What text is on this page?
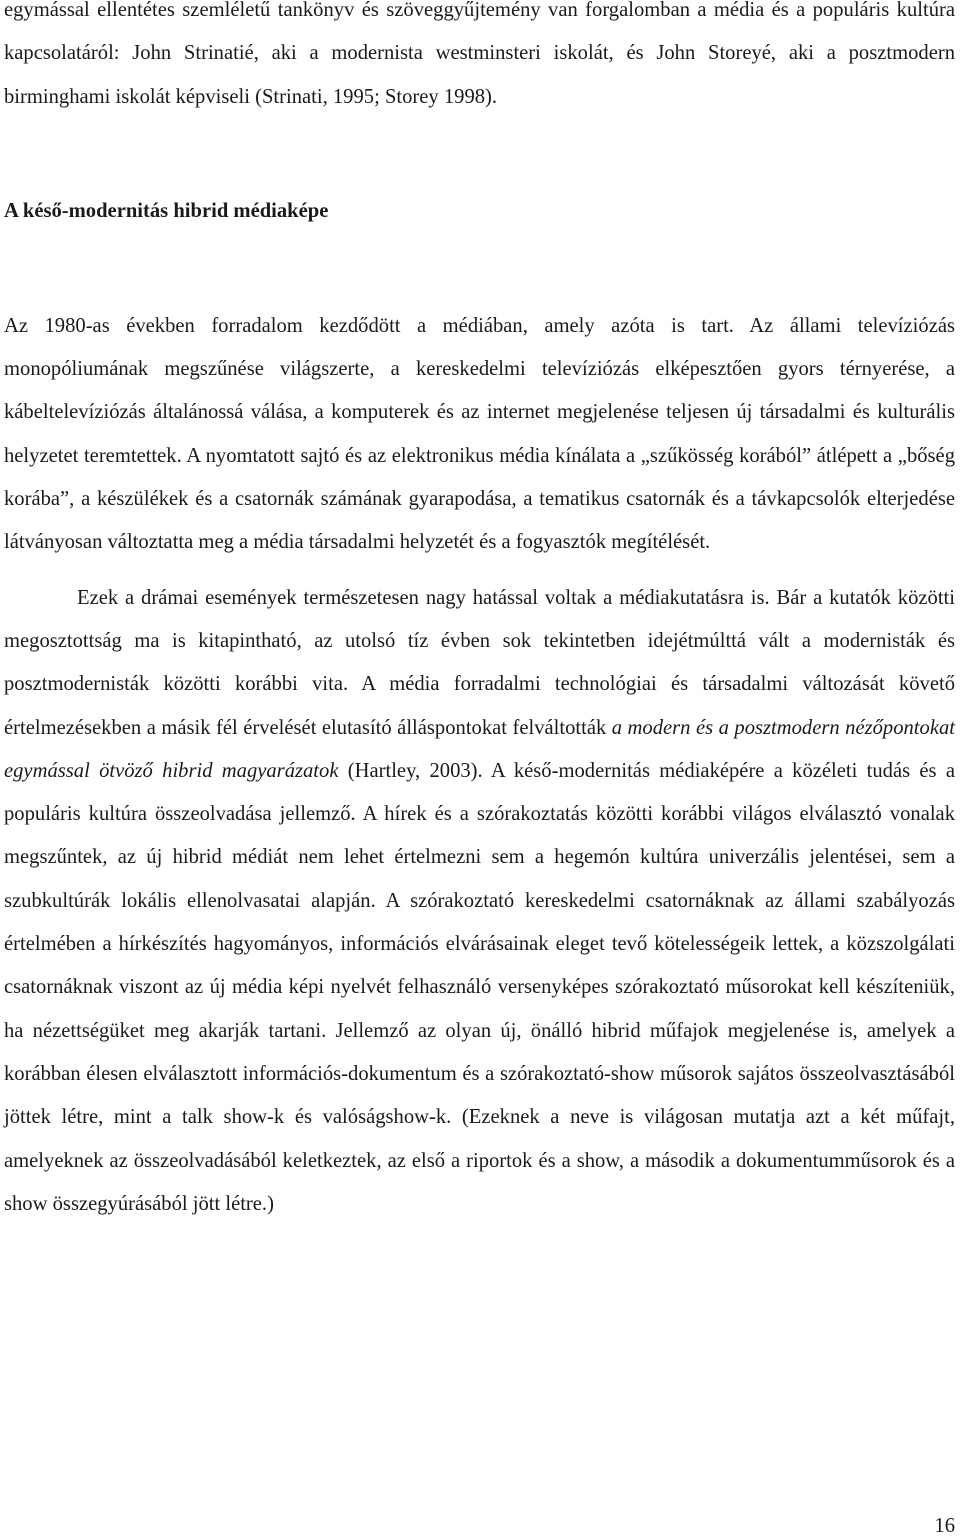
egymással ellentétes szemléletű tankönyv és szöveggyűjtemény van forgalomban a média és a populáris kultúra kapcsolatáról: John Strinatié, aki a modernista westminsteri iskolát, és John Storeyé, aki a posztmodern birminghami iskolát képviseli (Strinati, 1995; Storey 1998).

A késő-modernitás hibrid médiaképe

Az 1980-as években forradalom kezdődött a médiában, amely azóta is tart. Az állami televíziózás monopóliumának megszűnése világszerte, a kereskedelmi televíziózás elképesztően gyors térnyerése, a kábeltelevíziózás általánossá válása, a komputerek és az internet megjelenése teljesen új társadalmi és kulturális helyzetet teremtettek. A nyomtatott sajtó és az elektronikus média kínálata a „szűkösség korából” átlépett a „bőség korába”, a készülékek és a csatornák számának gyarapodása, a tematikus csatornák és a távkapcsolók elterjedése látványosan változtatta meg a média társadalmi helyzetét és a fogyasztók megítélését.

Ezek a drámai események természetesen nagy hatással voltak a médiakutatásra is. Bár a kutatók közötti megosztottság ma is kitapintható, az utolsó tíz évben sok tekintetben idejétmúlttá vált a modernisták és posztmodernisták közötti korábbi vita. A média forradalmi technológiai és társadalmi változását követő értelmezésekben a másik fél érvelését elutasító álláspontokat felváltották a modern és a posztmodern nézőpontokat egymással ötvöző hibrid magyarázatok (Hartley, 2003). A késő-modernitás médiaképére a közéleti tudás és a populáris kultúra összeolvadása jellemző. A hírek és a szórakoztatás közötti korábbi világos elválasztó vonalak megszűntek, az új hibrid médiát nem lehet értelmezni sem a hegemón kultúra univerzális jelentései, sem a szubkultúrák lokális ellenolvasatai alapján. A szórakoztató kereskedelmi csatornáknak az állami szabályozás értelmében a hírkészítés hagyományos, információs elvárásainak eleget tevő kötelességeik lettek, a közszolgálati csatornáknak viszont az új média képi nyelvét felhasználó versenyképes szórakoztató műsorokat kell készíteniük, ha nézettségüket meg akarják tartani. Jellemző az olyan új, önálló hibrid műfajok megjelenése is, amelyek a korábban élesen elválasztott információs-dokumentum és a szórakoztató-show műsorok sajátos összeolvasztásából jöttek létre, mint a talk show-k és valóságshow-k. (Ezeknek a neve is világosan mutatja azt a két műfajt, amelyeknek az összeolvadásából keletkeztek, az első a riportok és a show, a második a dokumentumműsorok és a show összegyúrásából jött létre.)

16
